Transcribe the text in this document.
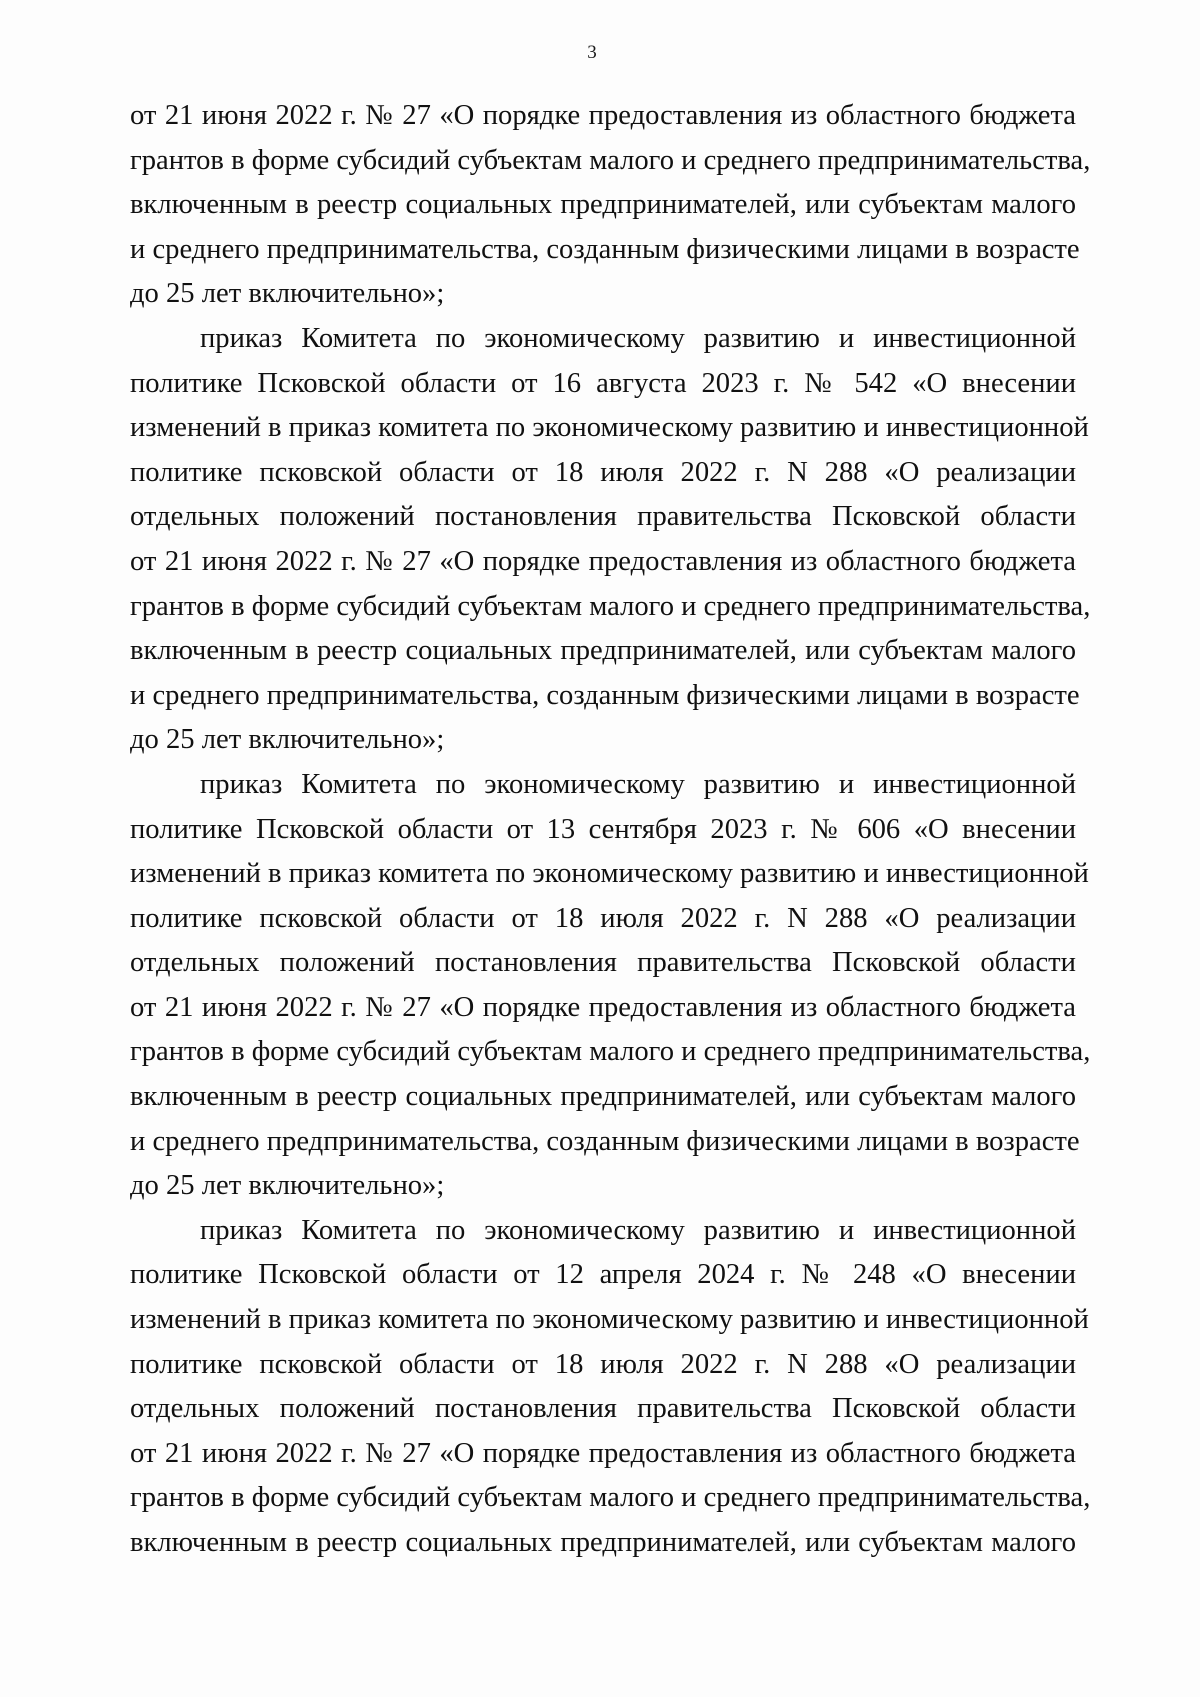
3
от 21 июня 2022 г. № 27 «О порядке предоставления из областного бюджета
грантов в форме субсидий субъектам малого и среднего предпринимательства,
включенным в реестр социальных предпринимателей, или субъектам малого
и среднего предпринимательства, созданным физическими лицами в возрасте
до 25 лет включительно»;
приказ Комитета по экономическому развитию и инвестиционной
политике Псковской области от 16 августа 2023 г. № 542 «О внесении
изменений в приказ комитета по экономическому развитию и инвестиционной
политике псковской области от 18 июля 2022 г. N 288 «О реализации
отдельных положений постановления правительства Псковской области
от 21 июня 2022 г. № 27 «О порядке предоставления из областного бюджета
грантов в форме субсидий субъектам малого и среднего предпринимательства,
включенным в реестр социальных предпринимателей, или субъектам малого
и среднего предпринимательства, созданным физическими лицами в возрасте
до 25 лет включительно»;
приказ Комитета по экономическому развитию и инвестиционной
политике Псковской области от 13 сентября 2023 г. № 606 «О внесении
изменений в приказ комитета по экономическому развитию и инвестиционной
политике псковской области от 18 июля 2022 г. N 288 «О реализации
отдельных положений постановления правительства Псковской области
от 21 июня 2022 г. № 27 «О порядке предоставления из областного бюджета
грантов в форме субсидий субъектам малого и среднего предпринимательства,
включенным в реестр социальных предпринимателей, или субъектам малого
и среднего предпринимательства, созданным физическими лицами в возрасте
до 25 лет включительно»;
приказ Комитета по экономическому развитию и инвестиционной
политике Псковской области от 12 апреля 2024 г. № 248 «О внесении
изменений в приказ комитета по экономическому развитию и инвестиционной
политике псковской области от 18 июля 2022 г. N 288 «О реализации
отдельных положений постановления правительства Псковской области
от 21 июня 2022 г. № 27 «О порядке предоставления из областного бюджета
грантов в форме субсидий субъектам малого и среднего предпринимательства,
включенным в реестр социальных предпринимателей, или субъектам малого
